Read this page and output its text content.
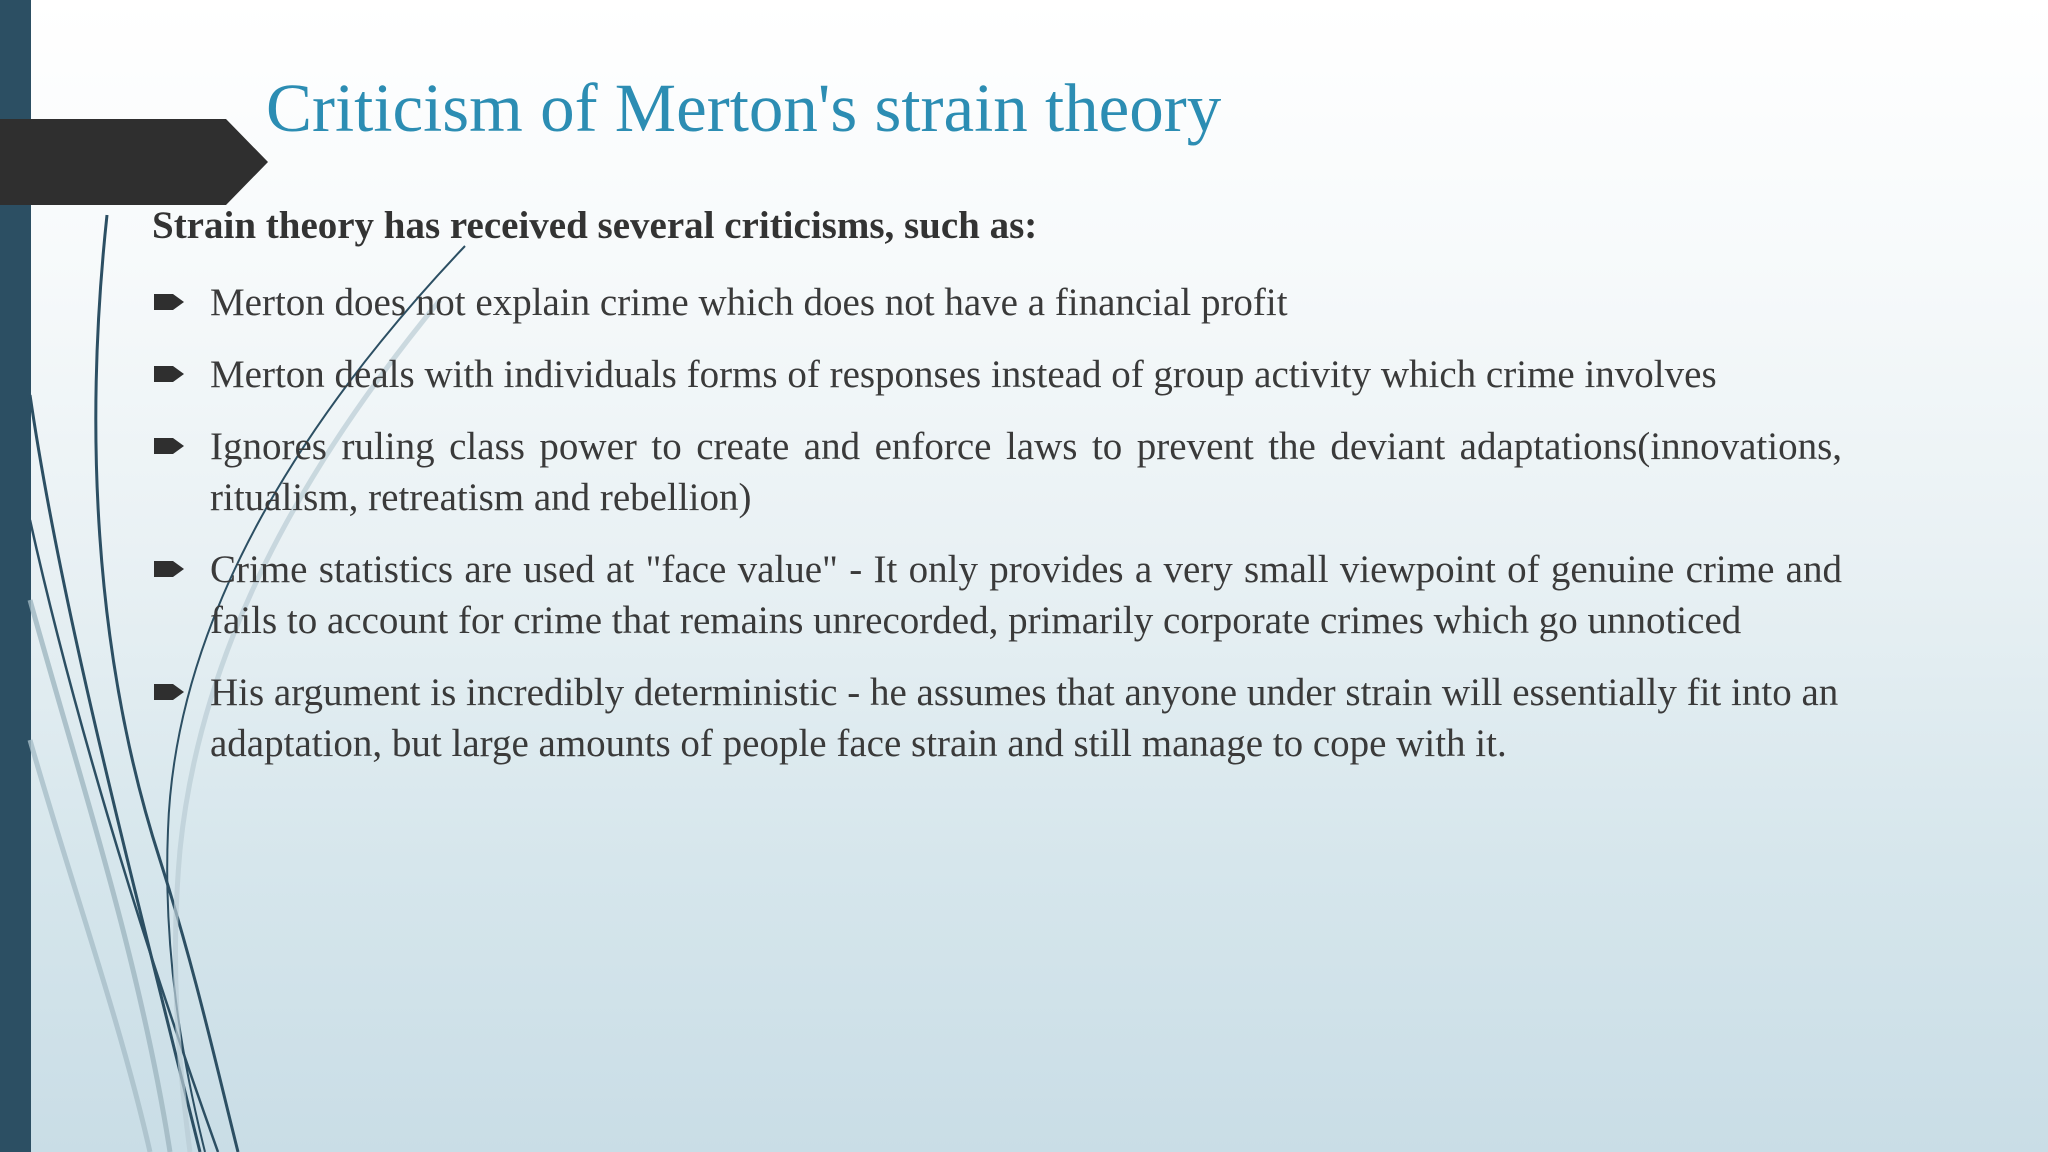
Criticism of Merton's strain theory

Strain theory has received several criticisms, such as:

Merton does not explain crime which does not have a financial profit
Merton deals with individuals forms of responses instead of group activity which crime involves
Ignores ruling class power to create and enforce laws to prevent the deviant adaptations(innovations, ritualism, retreatism and rebellion)
Crime statistics are used at "face value" - It only provides a very small viewpoint of genuine crime and fails to account for crime that remains unrecorded, primarily corporate crimes which go unnoticed
His argument is incredibly deterministic - he assumes that anyone under strain will essentially fit into an adaptation, but large amounts of people face strain and still manage to cope with it.
